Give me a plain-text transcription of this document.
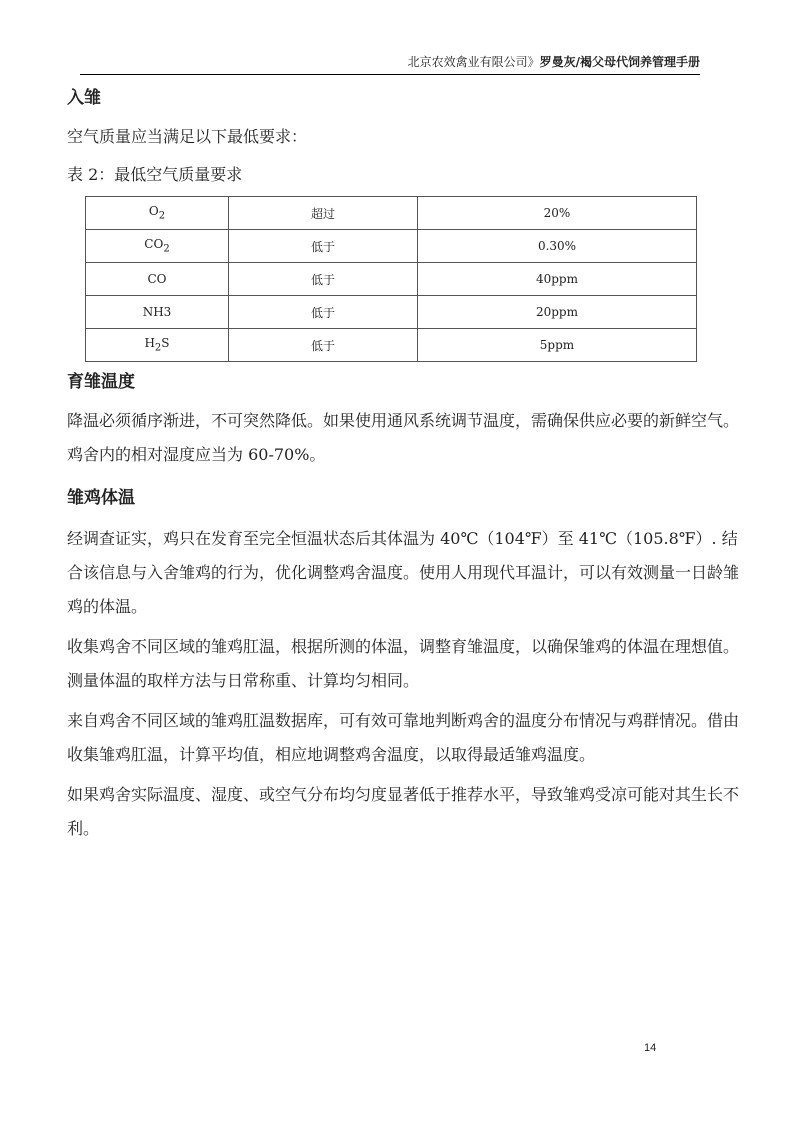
北京农效禽业有限公司》罗曼灰/褐父母代饲养管理手册
入雏

空气质量应当满足以下最低要求：

表 2：最低空气质量要求

$O_2$	超过	20%
$CO_2$	低于	0.30%
CO	低于	40ppm
NH3	低于	20ppm
$H_2S$	低于	5ppm
育雏温度

降温必须循序渐进，不可突然降低。如果使用通风系统调节温度，需确保供应必要的新鲜空气。鸡舍内的相对湿度应当为 60-70%。

雏鸡体温

经调查证实，鸡只在发育至完全恒温状态后其体温为 40℃（104℉）至 41℃（105.8℉）. 结合该信息与入舍雏鸡的行为，优化调整鸡舍温度。使用人用现代耳温计，可以有效测量一日龄雏鸡的体温。

收集鸡舍不同区域的雏鸡肛温，根据所测的体温，调整育雏温度，以确保雏鸡的体温在理想值。测量体温的取样方法与日常称重、计算均匀相同。

来自鸡舍不同区域的雏鸡肛温数据库，可有效可靠地判断鸡舍的温度分布情况与鸡群情况。借由收集雏鸡肛温，计算平均值，相应地调整鸡舍温度，以取得最适雏鸡温度。

如果鸡舍实际温度、湿度、或空气分布均匀度显著低于推荐水平，导致雏鸡受凉可能对其生长不利。

14
